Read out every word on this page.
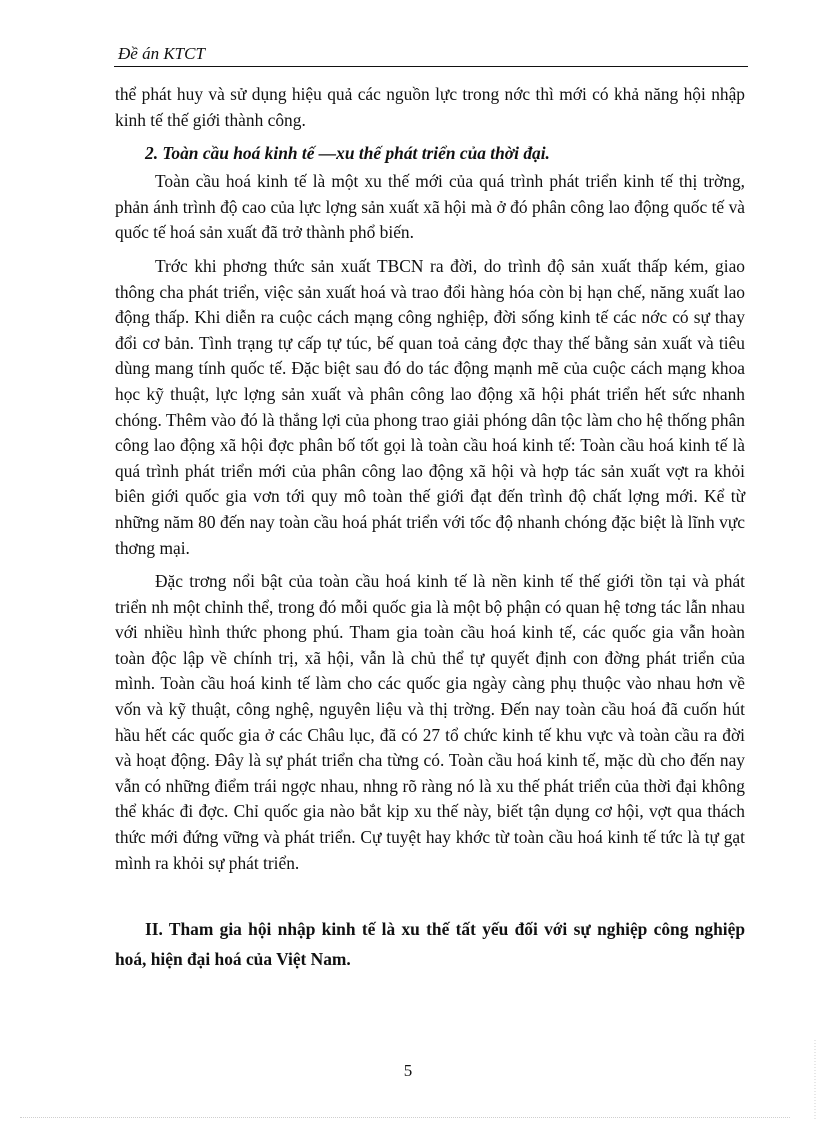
Đề án KTCT

thể phát huy và sử dụng hiệu quả các nguồn lực trong nớc thì mới có khả năng hội nhập kinh tế thế giới thành công.

2. Toàn cầu hoá kinh tế —xu thế phát triển của thời đại.

Toàn cầu hoá kinh tế là một xu thế mới của quá trình phát triển kinh tế thị trờng, phản ánh trình độ cao của lực lợng sản xuất xã hội mà ở đó phân công lao động quốc tế và quốc tế hoá sản xuất đã trở thành phổ biến.

Trớc khi phơng thức sản xuất TBCN ra đời, do trình độ sản xuất thấp kém, giao thông cha phát triển, việc sản xuất hoá và trao đổi hàng hóa còn bị hạn chế, năng xuất lao động thấp. Khi diễn ra cuộc cách mạng công nghiệp, đời sống kinh tế các nớc có sự thay đổi cơ bản. Tình trạng tự cấp tự túc, bế quan toả cảng đợc thay thế bằng sản xuất và tiêu dùng mang tính quốc tế. Đặc biệt sau đó do tác động mạnh mẽ của cuộc cách mạng khoa học kỹ thuật, lực lợng sản xuất và phân công lao động xã hội phát triển hết sức nhanh chóng. Thêm vào đó là thắng lợi của phong trao giải phóng dân tộc làm cho hệ thống phân công lao động xã hội đợc phân bố tốt gọi là toàn cầu hoá kinh tế: Toàn cầu hoá kinh tế là quá trình phát triển mới của phân công lao động xã hội và hợp tác sản xuất vợt ra khỏi biên giới quốc gia vơn tới quy mô toàn thế giới đạt đến trình độ chất lợng mới. Kể từ những năm 80 đến nay toàn cầu hoá phát triển với tốc độ nhanh chóng đặc biệt là lĩnh vực thơng mại.

Đặc trơng nổi bật của toàn cầu hoá kinh tế là nền kinh tế thế giới tồn tại và phát triển nh một chỉnh thể, trong đó mỗi quốc gia là một bộ phận có quan hệ tơng tác lẫn nhau với nhiều hình thức phong phú. Tham gia toàn cầu hoá kinh tế, các quốc gia vẫn hoàn toàn độc lập về chính trị, xã hội, vẫn là chủ thể tự quyết định con đờng phát triển của mình. Toàn cầu hoá kinh tế làm cho các quốc gia ngày càng phụ thuộc vào nhau hơn về vốn và kỹ thuật, công nghệ, nguyên liệu và thị trờng. Đến nay toàn cầu hoá đã cuốn hút hầu hết các quốc gia ở các Châu lục, đã có 27 tổ chức kinh tế khu vực và toàn cầu ra đời và hoạt động. Đây là sự phát triển cha từng có. Toàn cầu hoá kinh tế, mặc dù cho đến nay vẫn có những điểm trái ngợc nhau, nhng rõ ràng nó là xu thế phát triển của thời đại không thể khác đi đợc. Chỉ quốc gia nào bắt kịp xu thế này, biết tận dụng cơ hội, vợt qua thách thức mới đứng vững và phát triển. Cự tuyệt hay khớc từ toàn cầu hoá kinh tế tức là tự gạt mình ra khỏi sự phát triển.

II. Tham gia hội nhập kinh tế là xu thế tất yếu đối với sự nghiệp công nghiệp hoá, hiện đại hoá của Việt Nam.
5
